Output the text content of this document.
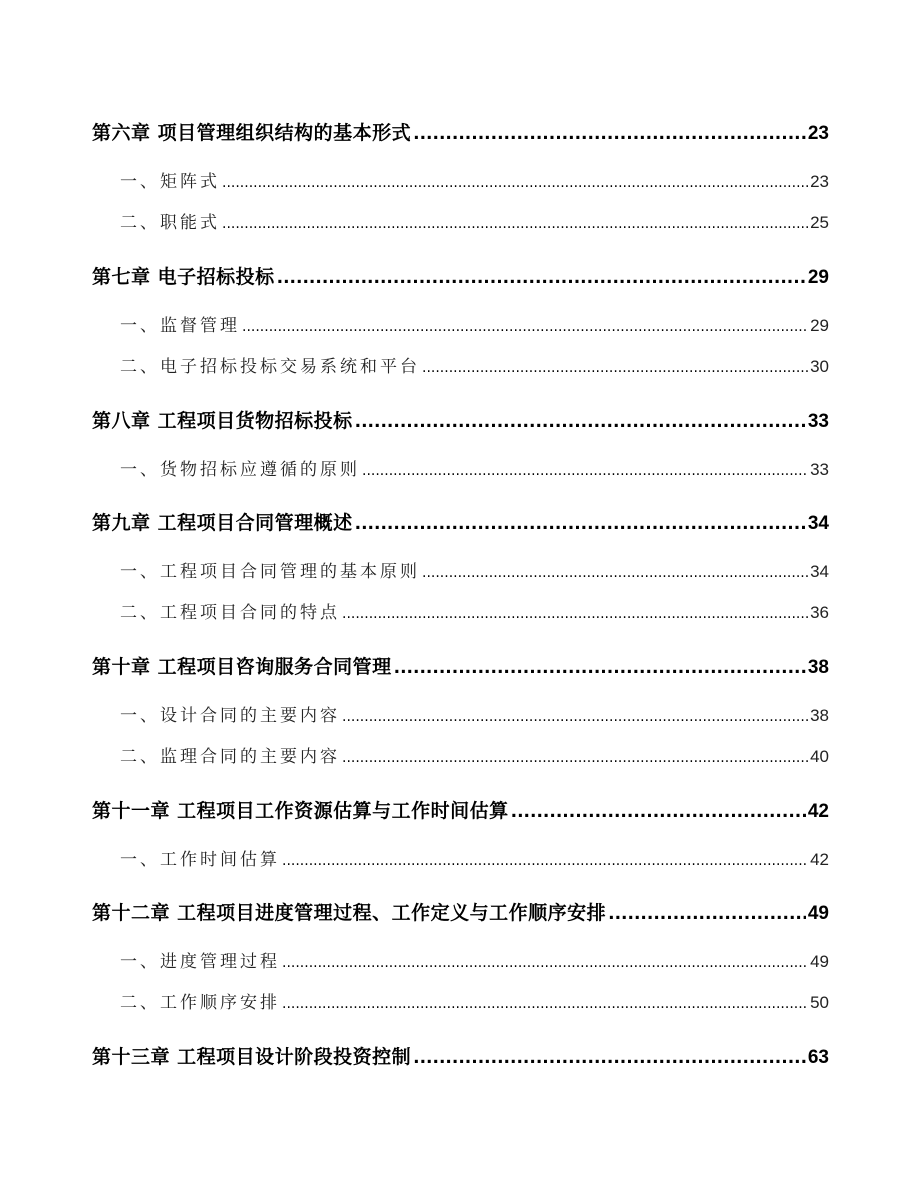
第六章 项目管理组织结构的基本形式 .....	23
一、 矩阵式 .....	23
二、 职能式 .....	25
第七章 电子招标投标 .....	29
一、 监督管理 .....	29
二、 电子招标投标交易系统和平台 .....	30
第八章 工程项目货物招标投标 .....	33
一、 货物招标应遵循的原则 .....	33
第九章 工程项目合同管理概述 .....	34
一、 工程项目合同管理的基本原则 .....	34
二、 工程项目合同的特点 .....	36
第十章 工程项目咨询服务合同管理 .....	38
一、 设计合同的主要内容 .....	38
二、 监理合同的主要内容 .....	40
第十一章 工程项目工作资源估算与工作时间估算 .....	42
一、 工作时间估算 .....	42
第十二章 工程项目进度管理过程、工作定义与工作顺序安排 .....	49
一、 进度管理过程 .....	49
二、 工作顺序安排 .....	50
第十三章 工程项目设计阶段投资控制 .....	63
